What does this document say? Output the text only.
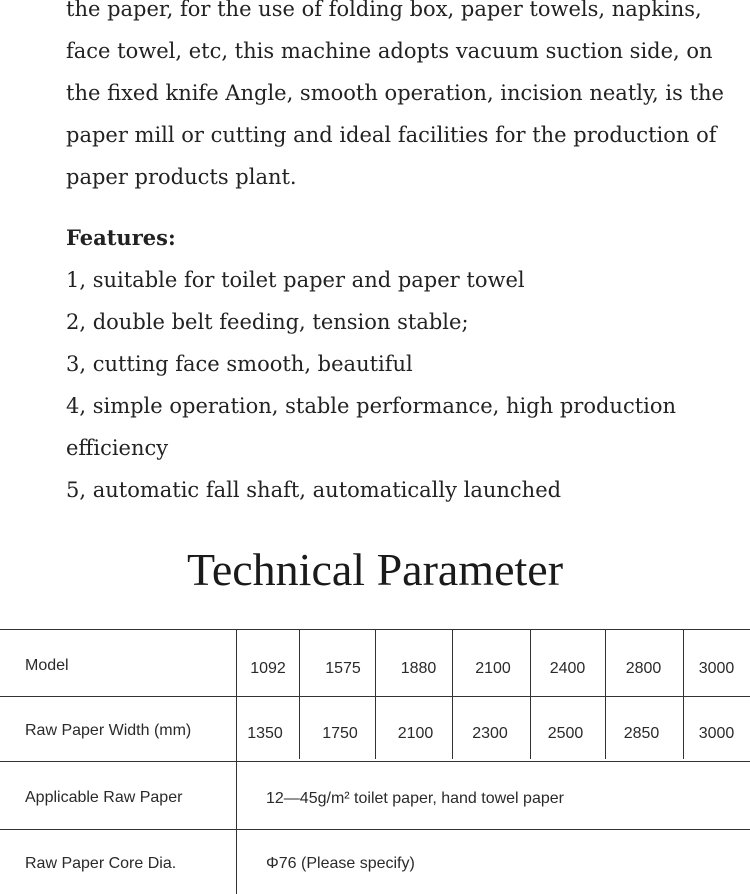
the paper, for the use of folding box, paper towels, napkins,

face towel, etc, this machine adopts vacuum suction side, on

the fixed knife Angle, smooth operation, incision neatly, is the

paper mill or cutting and ideal facilities for the production of

paper products plant.

Features:
1, suitable for toilet paper and paper towel
2, double belt feeding, tension stable;
3, cutting face smooth, beautiful
4, simple operation, stable performance, high production
efficiency
5, automatic fall shaft, automatically launched
Technical Parameter
Model	1092	1575	1880	2100	2400	2800	3000
Raw Paper Width (mm)	1350	1750	2100	2300	2500	2850	3000
Applicable Raw Paper	12—45g/m² toilet paper, hand towel paper
Raw Paper Core Dia.	Φ76 (Please specify)
